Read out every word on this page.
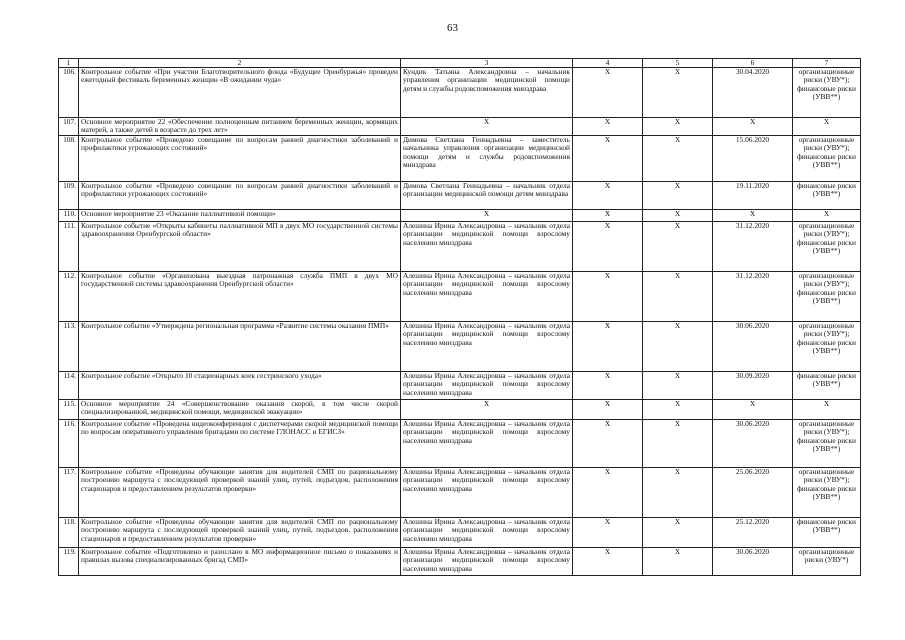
63
1	2	3	4	5	6	7
106.	Контрольное событие «При участии Благотворительного фонда «Будущее Оренбуржья» проведен ежегодный фестиваль беременных женщин «В ожидании чуда»	Кундик Татьяна Александровна – начальник управления организации медицинской помощи детям и службы родовспоможения минздрава	Х	Х	30.04.2020	организационные риски (УВУ*); финансовые риски (УВВ**)
107.	Основное мероприятие 22 «Обеспечение полноценным питанием беременных женщин, кормящих матерей, а также детей в возрасте до трех лет»	Х	Х	Х	Х	Х
108.	Контрольное событие «Проведено совещание по вопросам ранней диагностики заболеваний и профилактики угрожающих состояний»	Димова Светлана Геннадьевна – заместитель начальника управления организации медицинской помощи детям и службы родовспоможения минздрава	Х	Х	15.06.2020	организационные риски (УВУ*); финансовые риски (УВВ**)
109.	Контрольное событие «Проведено совещание по вопросам ранней диагностики заболеваний и профилактики угрожающих состояний»	Димова Светлана Геннадьевна – начальник отдела организации медицинской помощи детям минздрава	Х	Х	19.11.2020	финансовые риски (УВВ**)
110.	Основное мероприятие 23 «Оказание паллиативной помощи»	Х	Х	Х	Х	Х
111.	Контрольное событие «Открыты кабинеты паллиативной МП в двух МО государственной системы здравоохранения Оренбургской области»	Алешина Ирина Александровна – начальник отдела организации медицинской помощи взрослому населению минздрава	Х	Х	31.12.2020	организационные риски (УВУ*); финансовые риски (УВВ**)
112.	Контрольное событие «Организована выездная патронажная служба ПМП в двух МО государственной системы здравоохранения Оренбургской области»	Алешина Ирина Александровна – начальник отдела организации медицинской помощи взрослому населению минздрава	Х	Х	31.12.2020	организационные риски (УВУ*); финансовые риски (УВВ**)
113.	Контрольное событие «Утверждена региональная программа «Развитие системы оказания ПМП»	Алешина Ирина Александровна – начальник отдела организации медицинской помощи взрослому населению минздрава	Х	Х	30.06.2020	организационные риски (УВУ*); финансовые риски (УВВ**)
114.	Контрольное событие «Открыто 10 стационарных коек сестринского ухода»	Алешина Ирина Александровна – начальник отдела организации медицинской помощи взрослому населению минздрава	Х	Х	30.09.2020	финансовые риски (УВВ**)
115.	Основное мероприятие 24 «Совершенствование оказания скорой, в том числе скорой специализированной, медицинской помощи, медицинской эвакуации»	Х	Х	Х	Х	Х
116.	Контрольное событие «Проведена видеоконференция с диспетчерами скорой медицинской помощи по вопросам оперативного управления бригадами по системе ГЛОНАСС и ЕГИСЗ»	Алешина Ирина Александровна – начальник отдела организации медицинской помощи взрослому населению минздрава	Х	Х	30.06.2020	организационные риски (УВУ*); финансовые риски (УВВ**)
117.	Контрольное событие «Проведены обучающие занятия для водителей СМП по рациональному построению маршрута с последующей проверкой знаний улиц, путей, подъездов, расположения стационаров и предоставлением результатов проверки»	Алешина Ирина Александровна – начальник отдела организации медицинской помощи взрослому населению минздрава	Х	Х	25.06.2020	организационные риски (УВУ*); финансовые риски (УВВ**)
118.	Контрольное событие «Проведены обучающие занятия для водителей СМП по рациональному построению маршрута с последующей проверкой знаний улиц, путей, подъездов, расположения стационаров и предоставлением результатов проверки»	Алешина Ирина Александровна – начальник отдела организации медицинской помощи взрослому населению минздрава	Х	Х	25.12.2020	финансовые риски (УВВ**)
119.	Контрольное событие «Подготовлено и разослано в МО информационное письмо о показаниях и правилах вызова специализированных бригад СМП»	Алешина Ирина Александровна – начальник отдела организации медицинской помощи взрослому населению минздрава	Х	Х	30.06.2020	организационные риски (УВУ*)
